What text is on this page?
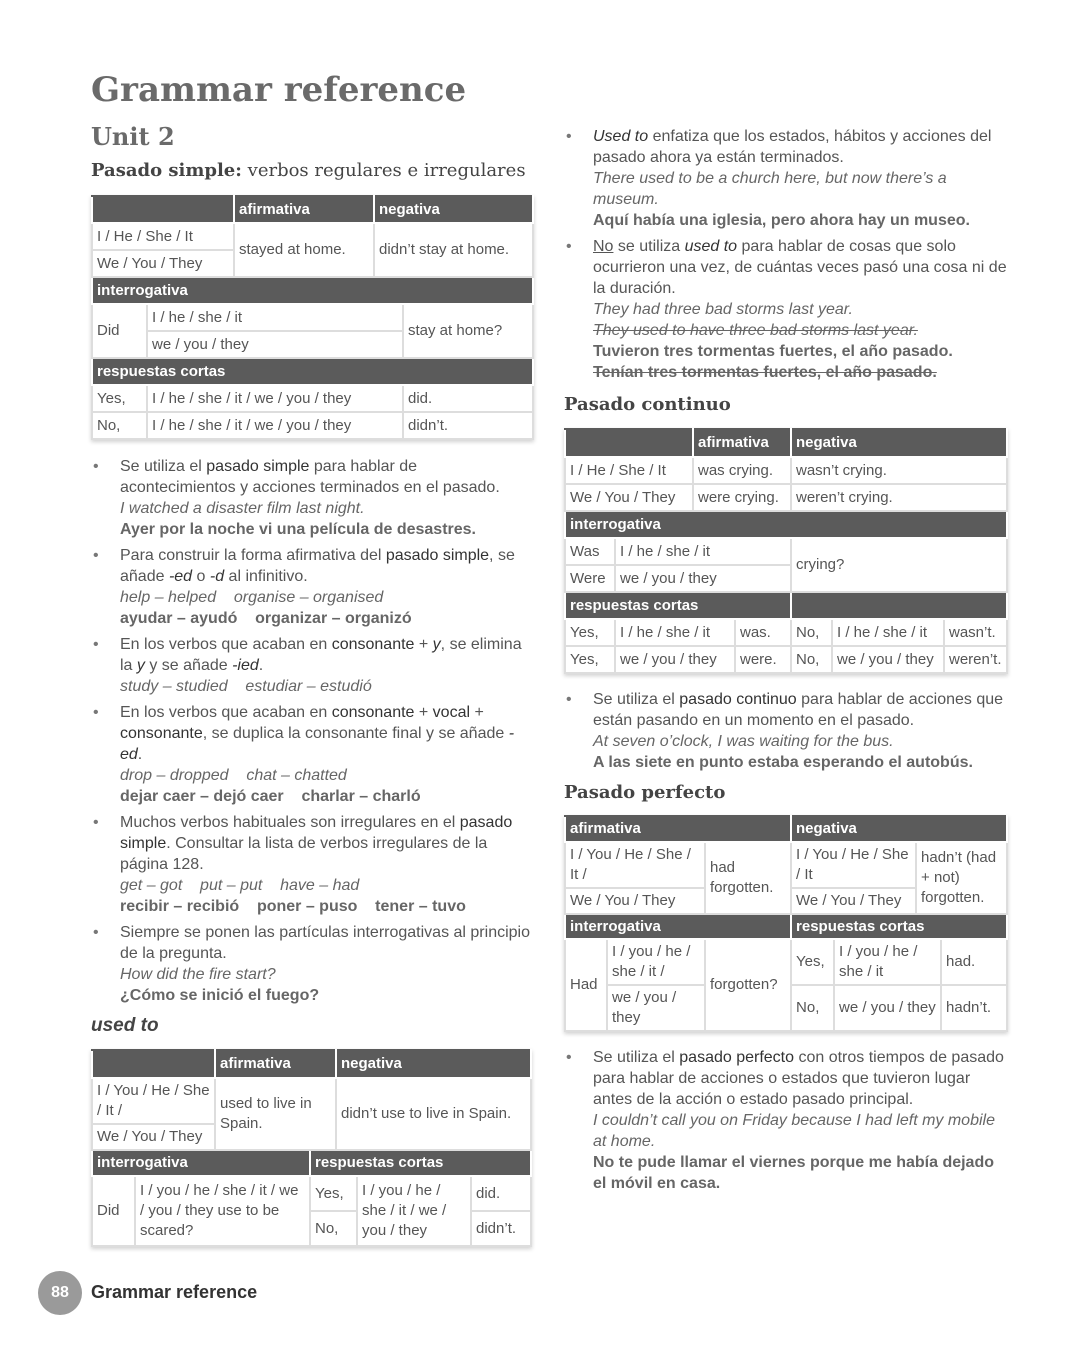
Grammar reference
Unit 2
Pasado simple: verbos regulares e irregulares
		afirmativa	negativa	
I / He / She / It		stayed at home.	didn’t stay at home.	
We / You / They				
interrogativa				
Did	I / he / she / it			stay at home?
	we / you / they			
respuestas cortas				
Yes,	I / he / she / it / we / you / they			did.
No,	I / he / she / it / we / you / they			didn’t.
• Se utiliza el pasado simple para hablar de acontecimientos y acciones terminados en el pasado.
I watched a disaster film last night.
Ayer por la noche vi una película de desastres.
• Para construir la forma afirmativa del pasado simple, se añade -ed o -d al infinitivo.
help – helped    organise – organised
ayudar – ayudó    organizar – organizó
• En los verbos que acaban en consonante + y, se elimina la y y se añade -ied.
study – studied    estudiar – estudió
• En los verbos que acaban en consonante + vocal + consonante, se duplica la consonante final y se añade -ed.
drop – dropped    chat – chatted
dejar caer – dejó caer    charlar – charló
• Muchos verbos habituales son irregulares en el pasado simple. Consultar la lista de verbos irregulares de la página 128.
get – got    put – put    have – had
recibir – recibió    poner – puso    tener – tuvo
• Siempre se ponen las partículas interrogativas al principio de la pregunta.
How did the fire start?
¿Cómo se inició el fuego?
used to
		afirmativa		negativa		
I / You / He / She / It /		used to live in Spain.		didn’t use to live in Spain.		
We / You / They						
interrogativa			respuestas cortas			
Did	I / you / he / she / it / we / you / they use to be scared?		Yes,		I / you / he / she / it / we / you / they	did.
			No,			didn’t.
• Used to enfatiza que los estados, hábitos y acciones del pasado ahora ya están terminados.
There used to be a church here, but now there’s a museum.
Aquí había una iglesia, pero ahora hay un museo.
• No se utiliza used to para hablar de cosas que solo ocurrieron una vez, de cuántas veces pasó una cosa ni de la duración.
They had three bad storms last year.
They used to have three bad storms last year.
Tuvieron tres tormentas fuertes, el año pasado.
Tenían tres tormentas fuertes, el año pasado.
Pasado continuo
		afirmativa		negativa		
I / He / She / It		was crying.		wasn’t crying.		
We / You / They		were crying.		weren’t crying.		
interrogativa						
Was	I / he / she / it			crying?		
Were	we / you / they					
respuestas cortas						
Yes,	I / he / she / it		was.	No,	I / he / she / it	wasn’t.
Yes,	we / you / they		were.	No,	we / you / they	weren’t.
• Se utiliza el pasado continuo para hablar de acciones que están pasando en un momento en el pasado.
At seven o’clock, I was waiting for the bus.
A las siete en punto estaba esperando el autobús.
Pasado perfecto
afirmativa			negativa			
I / You / He / She / It /		had forgotten.	I / You / He / She / It		hadn’t (had + not) forgotten.	
We / You / They			We / You / They			
interrogativa			respuestas cortas			
Had	I / you / he / she / it /	forgotten?	Yes,	I / you / he / she / it		had.
	we / you / they		No,	we / you / they		hadn’t.
• Se utiliza el pasado perfecto con otros tiempos de pasado para hablar de acciones o estados que tuvieron lugar antes de la acción o estado pasado principal.
I couldn’t call you on Friday because I had left my mobile at home.
No te pude llamar el viernes porque me había dejado el móvil en casa.
88	Grammar reference
